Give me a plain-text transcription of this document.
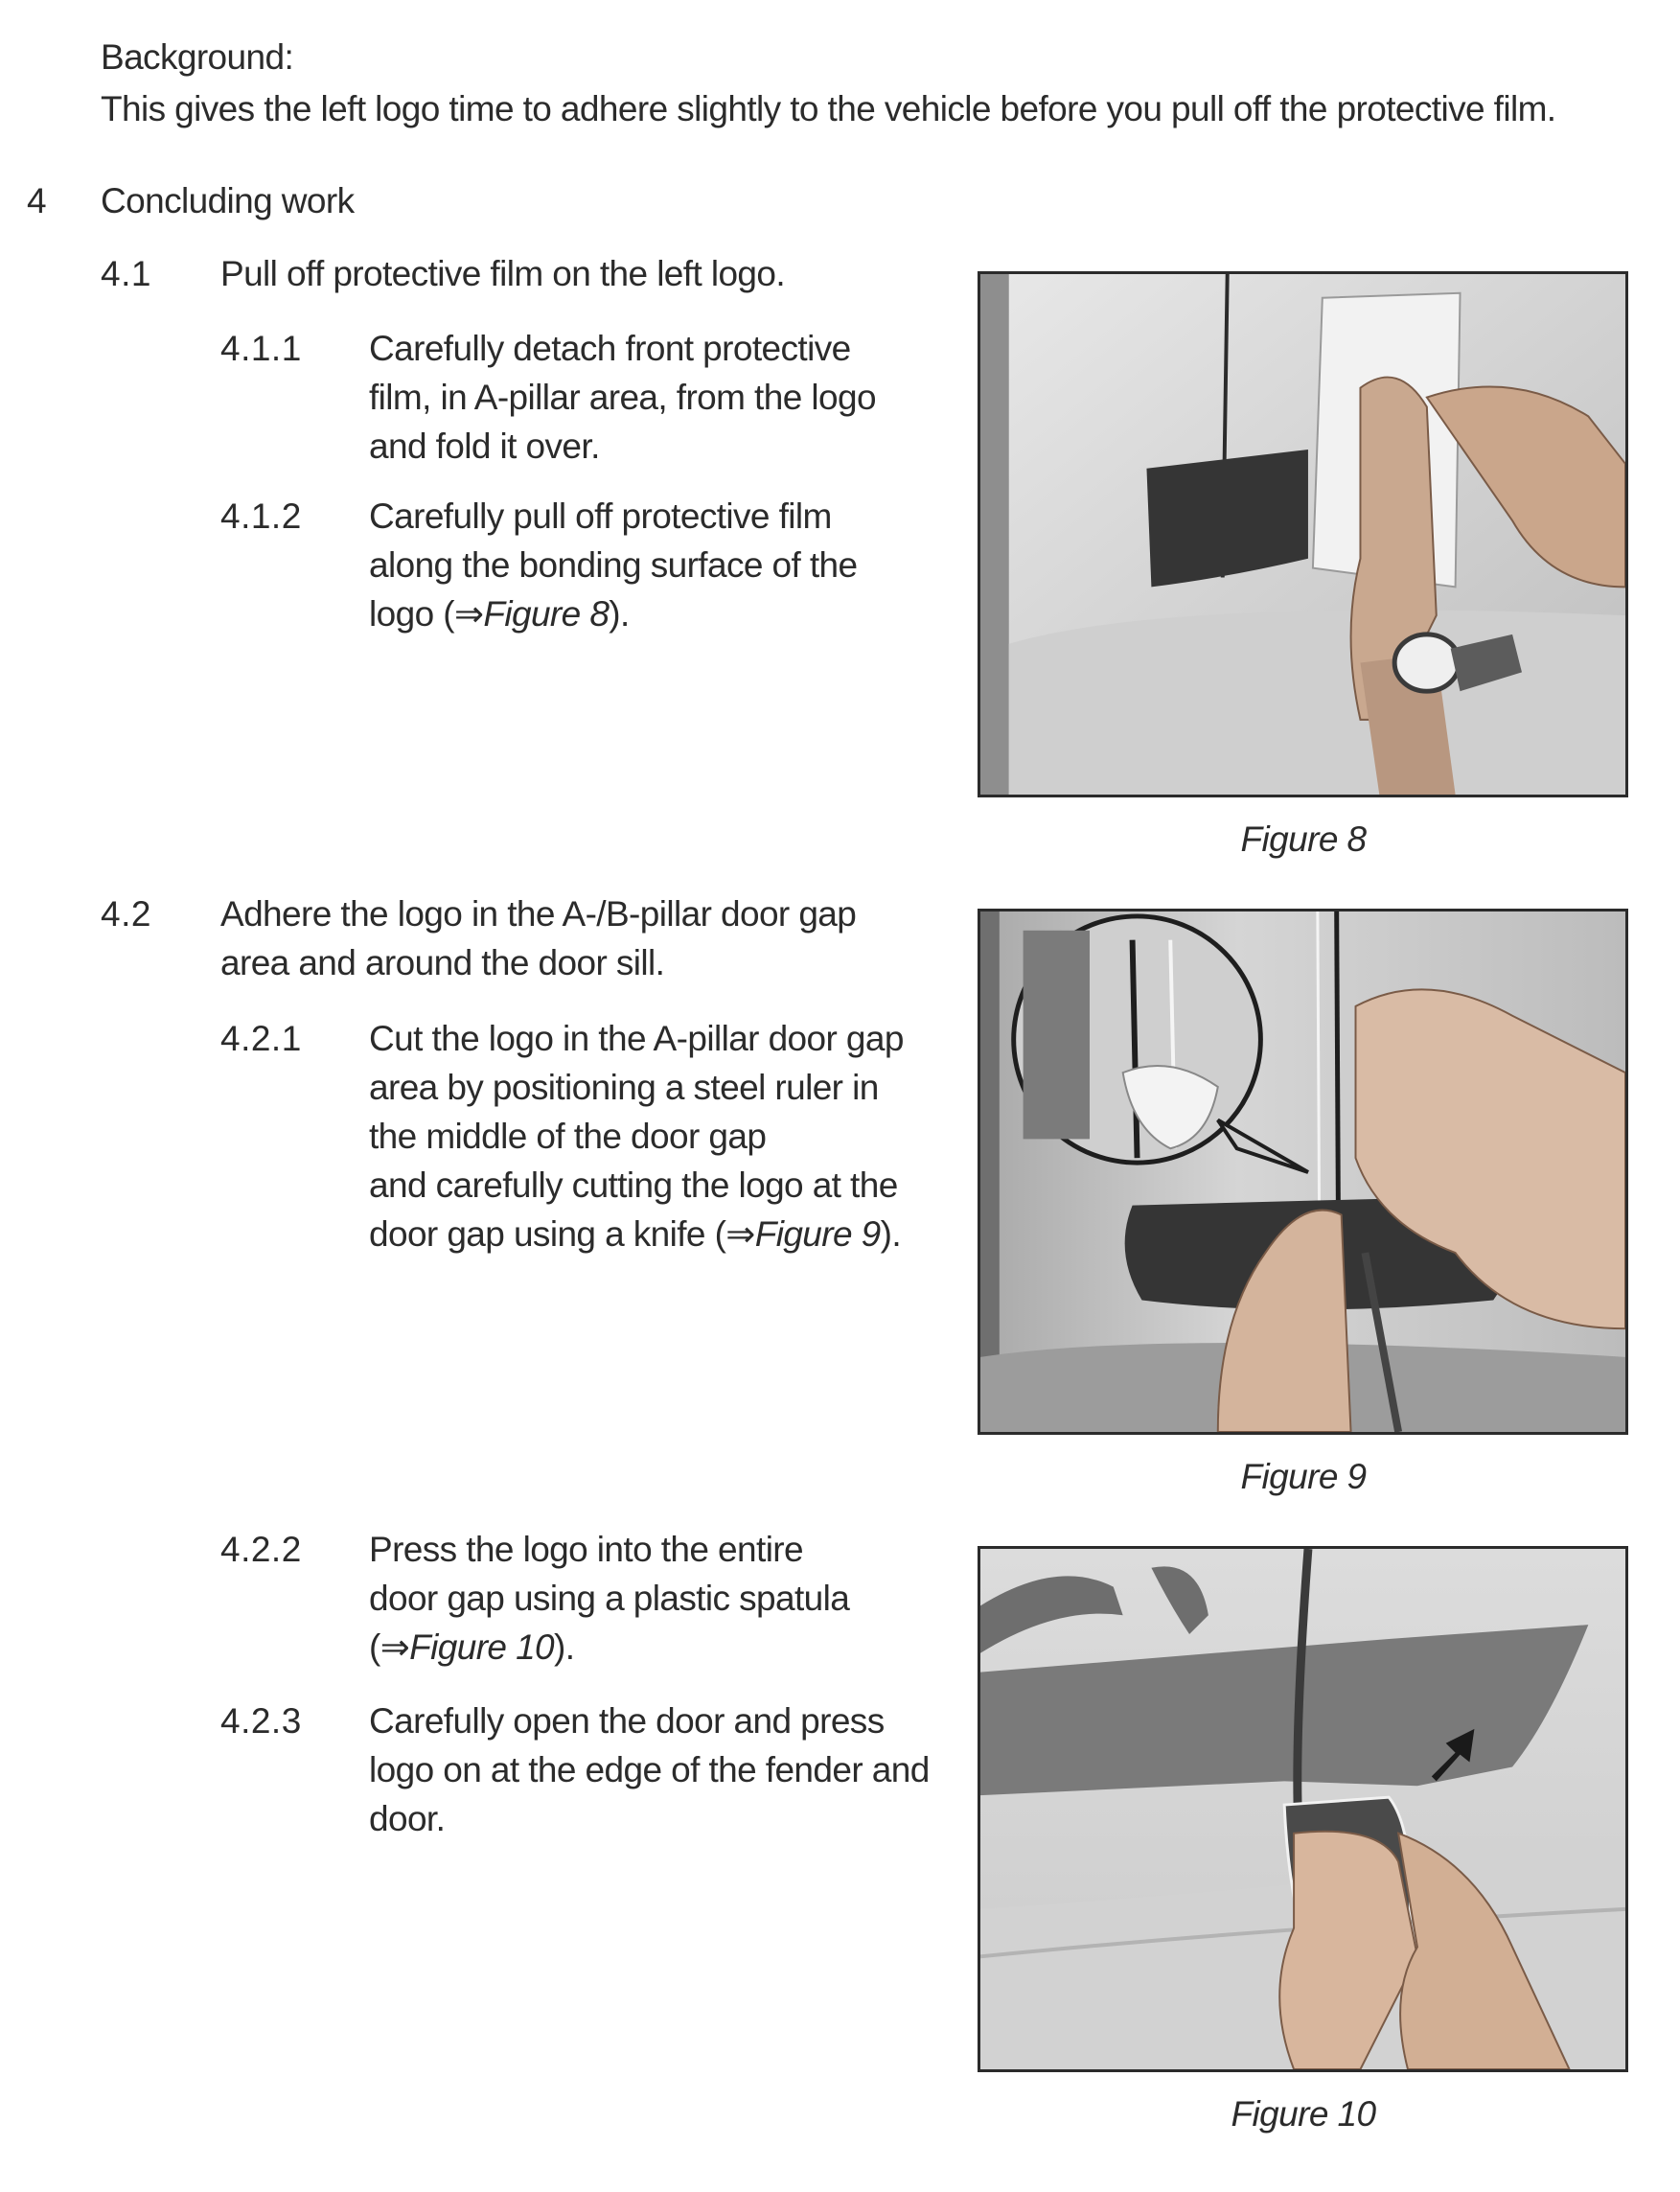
Background:

This gives the left logo time to adhere slightly to the vehicle before you pull off the protective film.

4 Concluding work

4.1 Pull off protective film on the left logo.

4.1.1 Carefully detach front protective
film, in A-pillar area, from the logo
and fold it over.

4.1.2 Carefully pull off protective film
along the bonding surface of the
logo (⇒Figure 8).

Figure 8

4.2 Adhere the logo in the A-/B-pillar door gap
area and around the door sill.

4.2.1 Cut the logo in the A-pillar door gap
area by positioning a steel ruler in
the middle of the door gap
and carefully cutting the logo at the
door gap using a knife (⇒Figure 9).

Figure 9

4.2.2 Press the logo into the entire
door gap using a plastic spatula
(⇒Figure 10).

4.2.3 Carefully open the door and press
logo on at the edge of the fender and
door.

Figure 10
